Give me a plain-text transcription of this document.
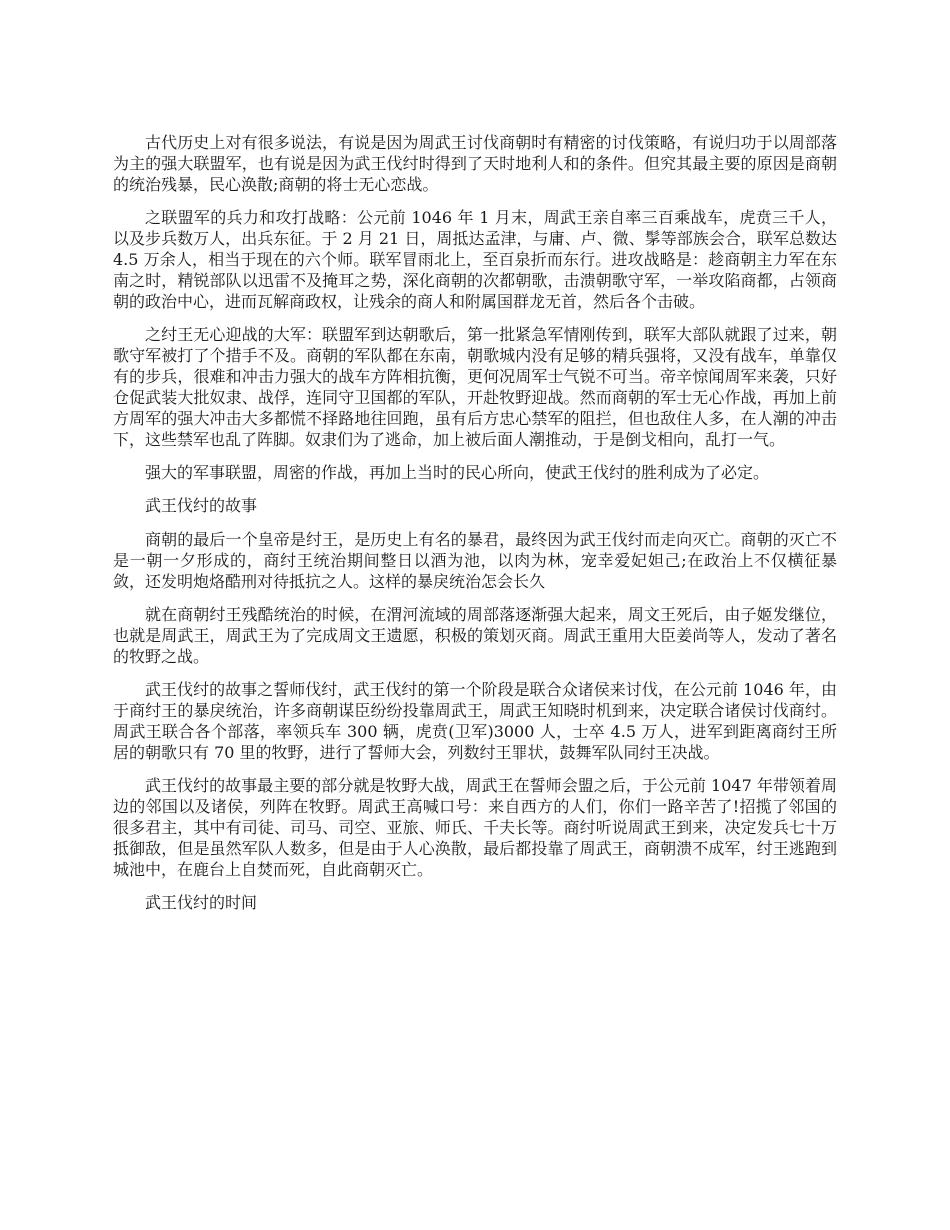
古代历史上对有很多说法，有说是因为周武王讨伐商朝时有精密的讨伐策略，有说归功于以周部落为主的强大联盟军，也有说是因为武王伐纣时得到了天时地利人和的条件。但究其最主要的原因是商朝的统治残暴，民心涣散;商朝的将士无心恋战。

之联盟军的兵力和攻打战略：公元前 1046 年 1 月末，周武王亲自率三百乘战车，虎贲三千人，以及步兵数万人，出兵东征。于 2 月 21 日，周抵达孟津，与庸、卢、微、髳等部族会合，联军总数达 4.5 万余人，相当于现在的六个师。联军冒雨北上，至百泉折而东行。进攻战略是：趁商朝主力军在东南之时，精锐部队以迅雷不及掩耳之势，深化商朝的次都朝歌，击溃朝歌守军，一举攻陷商都，占领商朝的政治中心，进而瓦解商政权，让残余的商人和附属国群龙无首，然后各个击破。

之纣王无心迎战的大军：联盟军到达朝歌后，第一批紧急军情刚传到，联军大部队就跟了过来，朝歌守军被打了个措手不及。商朝的军队都在东南，朝歌城内没有足够的精兵强将，又没有战车，单靠仅有的步兵，很难和冲击力强大的战车方阵相抗衡，更何况周军士气锐不可当。帝辛惊闻周军来袭，只好仓促武装大批奴隶、战俘，连同守卫国都的军队，开赴牧野迎战。然而商朝的军士无心作战，再加上前方周军的强大冲击大多都慌不择路地往回跑，虽有后方忠心禁军的阻拦，但也敌住人多，在人潮的冲击下，这些禁军也乱了阵脚。奴隶们为了逃命，加上被后面人潮推动，于是倒戈相向，乱打一气。

强大的军事联盟，周密的作战，再加上当时的民心所向，使武王伐纣的胜利成为了必定。

武王伐纣的故事

商朝的最后一个皇帝是纣王，是历史上有名的暴君，最终因为武王伐纣而走向灭亡。商朝的灭亡不是一朝一夕形成的，商纣王统治期间整日以酒为池，以肉为林，宠幸爱妃妲己;在政治上不仅横征暴敛，还发明炮烙酷刑对待抵抗之人。这样的暴戾统治怎会长久

就在商朝纣王残酷统治的时候，在渭河流域的周部落逐渐强大起来，周文王死后，由子姬发继位，也就是周武王，周武王为了完成周文王遗愿，积极的策划灭商。周武王重用大臣姜尚等人，发动了著名的牧野之战。

武王伐纣的故事之誓师伐纣，武王伐纣的第一个阶段是联合众诸侯来讨伐，在公元前 1046 年，由于商纣王的暴戾统治，许多商朝谋臣纷纷投靠周武王，周武王知晓时机到来，决定联合诸侯讨伐商纣。周武王联合各个部落，率领兵车 300 辆，虎贲(卫军)3000 人，士卒 4.5 万人，进军到距离商纣王所居的朝歌只有 70 里的牧野，进行了誓师大会，列数纣王罪状，鼓舞军队同纣王决战。

武王伐纣的故事最主要的部分就是牧野大战，周武王在誓师会盟之后，于公元前 1047 年带领着周边的邻国以及诸侯，列阵在牧野。周武王高喊口号：来自西方的人们，你们一路辛苦了!招揽了邻国的很多君主，其中有司徒、司马、司空、亚旅、师氏、千夫长等。商纣听说周武王到来，决定发兵七十万抵御敌，但是虽然军队人数多，但是由于人心涣散，最后都投靠了周武王，商朝溃不成军，纣王逃跑到城池中，在鹿台上自焚而死，自此商朝灭亡。

武王伐纣的时间
